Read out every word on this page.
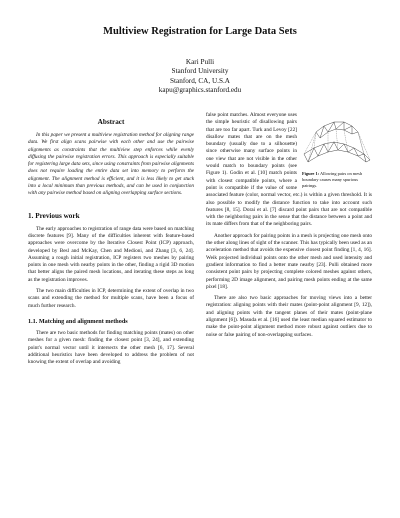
Multiview Registration for Large Data Sets
Kari Pulli
Stanford University
Stanford, CA, U.S.A
kapu@graphics.stanford.edu
Abstract

In this paper we present a multiview registration method for aligning range data. We first align scans pairwise with each other and use the pairwise alignments as constraints that the multiview step enforces while evenly diffusing the pairwise registration errors. This approach is especially suitable for registering large data sets, since using constraints from pairwise alignments does not require loading the entire data set into memory to perform the alignment. The alignment method is efficient, and it is less likely to get stuck into a local minimum than previous methods, and can be used in conjunction with any pairwise method based on aligning overlapping surface sections.

1. Previous work

The early approaches to registration of range data were based on matching discrete features [9]. Many of the difficulties inherent with feature-based approaches were overcome by the Iterative Closest Point (ICP) approach, developed by Besl and McKay, Chen and Medioni, and Zhang [3, 6, 24]. Assuming a rough initial registration, ICP registers two meshes by pairing points in one mesh with nearby points in the other, finding a rigid 3D motion that better aligns the paired mesh locations, and iterating these steps as long as the registration improves.

The two main difficulties in ICP, determining the extent of overlap in two scans and extending the method for multiple scans, have been a focus of much further research.

1.1. Matching and alignment methods

There are two basic methods for finding matching points (mates) on other meshes for a given mesh: finding the closest point [3, 24], and extending point's normal vector until it intersects the other mesh [6, 17]. Several additional heuristics have been developed to address the problem of not knowing the extent of overlap and avoiding

Figure 1: Allowing pairs on mesh boundary causes many spurious pairings.

false point matches. Almost everyone uses the simple heuristic of disallowing pairs that are too far apart. Turk and Levoy [22] disallow mates that are on the mesh boundary (usually due to a silhouette) since otherwise many surface points in one view that are not visible in the other would match to boundary points (see Figure 1). Godin et al. [10] match points with closest compatible points, where a point is compatible if the value of some associated feature (color, normal vector, etc.) is within a given threshold. It is also possible to modify the distance function to take into account such features [8, 15]. Dorai et al. [7] discard point pairs that are not compatible with the neighboring pairs in the sense that the distance between a point and its mate differs from that of the neighboring pairs.

Another approach for pairing points in a mesh is projecting one mesh onto the other along lines of sight of the scanner. This has typically been used as an acceleration method that avoids the expensive closest point finding [1, 4, 16]. Weik projected individual points onto the other mesh and used intensity and gradient information to find a better mate nearby [23]. Pulli obtained more consistent point pairs by projecting complete colored meshes against others, performing 2D image alignment, and pairing mesh points ending at the same pixel [18].

There are also two basic approaches for moving views into a better registration: aligning points with their mates (point-point alignment [9, 12]), and aligning points with the tangent planes of their mates (point-plane alignment [6]). Masuda et al. [16] used the least median squared estimator to make the point-point alignment method more robust against outliers due to noise or false pairing of non-overlapping surfaces.
